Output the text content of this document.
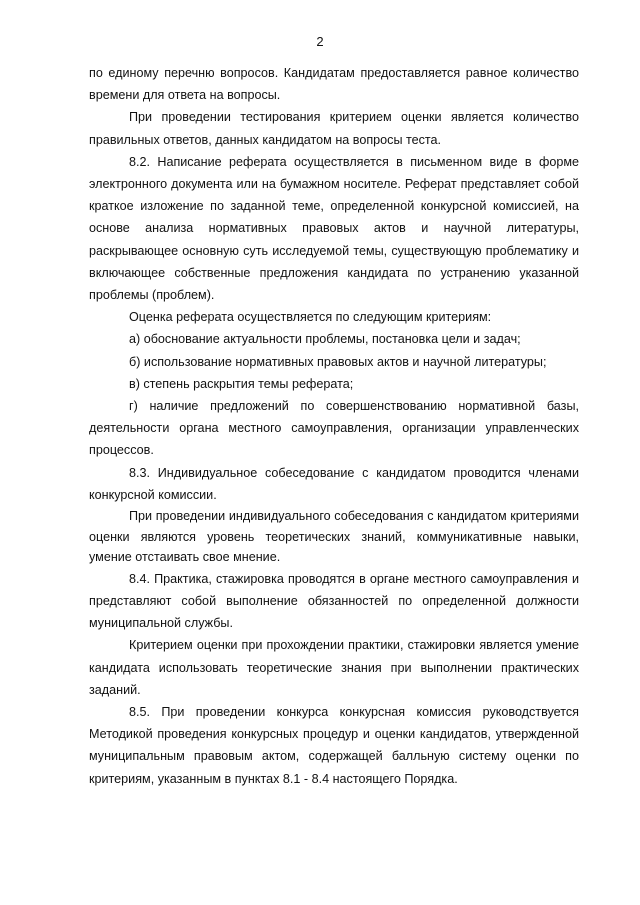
2

по единому перечню вопросов. Кандидатам предоставляется равное количество времени для ответа на вопросы.

При проведении тестирования критерием оценки является количество правильных ответов, данных кандидатом на вопросы теста.

8.2. Написание реферата осуществляется в письменном виде в форме электронного документа или на бумажном носителе. Реферат представляет собой краткое изложение по заданной теме, определенной конкурсной комиссией, на основе анализа нормативных правовых актов и научной литературы, раскрывающее основную суть исследуемой темы, существующую проблематику и включающее собственные предложения кандидата по устранению указанной проблемы (проблем).

Оценка реферата осуществляется по следующим критериям:

а) обоснование актуальности проблемы, постановка цели и задач;

б) использование нормативных правовых актов и научной литературы;

в) степень раскрытия темы реферата;

г) наличие предложений по совершенствованию нормативной базы, деятельности органа местного самоуправления, организации управленческих процессов.

8.3. Индивидуальное собеседование с кандидатом проводится членами конкурсной комиссии.

При проведении индивидуального собеседования с кандидатом критериями оценки являются уровень теоретических знаний, коммуникативные навыки, умение отстаивать свое мнение.

8.4. Практика, стажировка проводятся в органе местного самоуправления и представляют собой выполнение обязанностей по определенной должности муниципальной службы.

Критерием оценки при прохождении практики, стажировки является умение кандидата использовать теоретические знания при выполнении практических заданий.

8.5. При проведении конкурса конкурсная комиссия руководствуется Методикой проведения конкурсных процедур и оценки кандидатов, утвержденной муниципальным правовым актом, содержащей балльную систему оценки по критериям, указанным в пунктах 8.1 - 8.4 настоящего Порядка.
